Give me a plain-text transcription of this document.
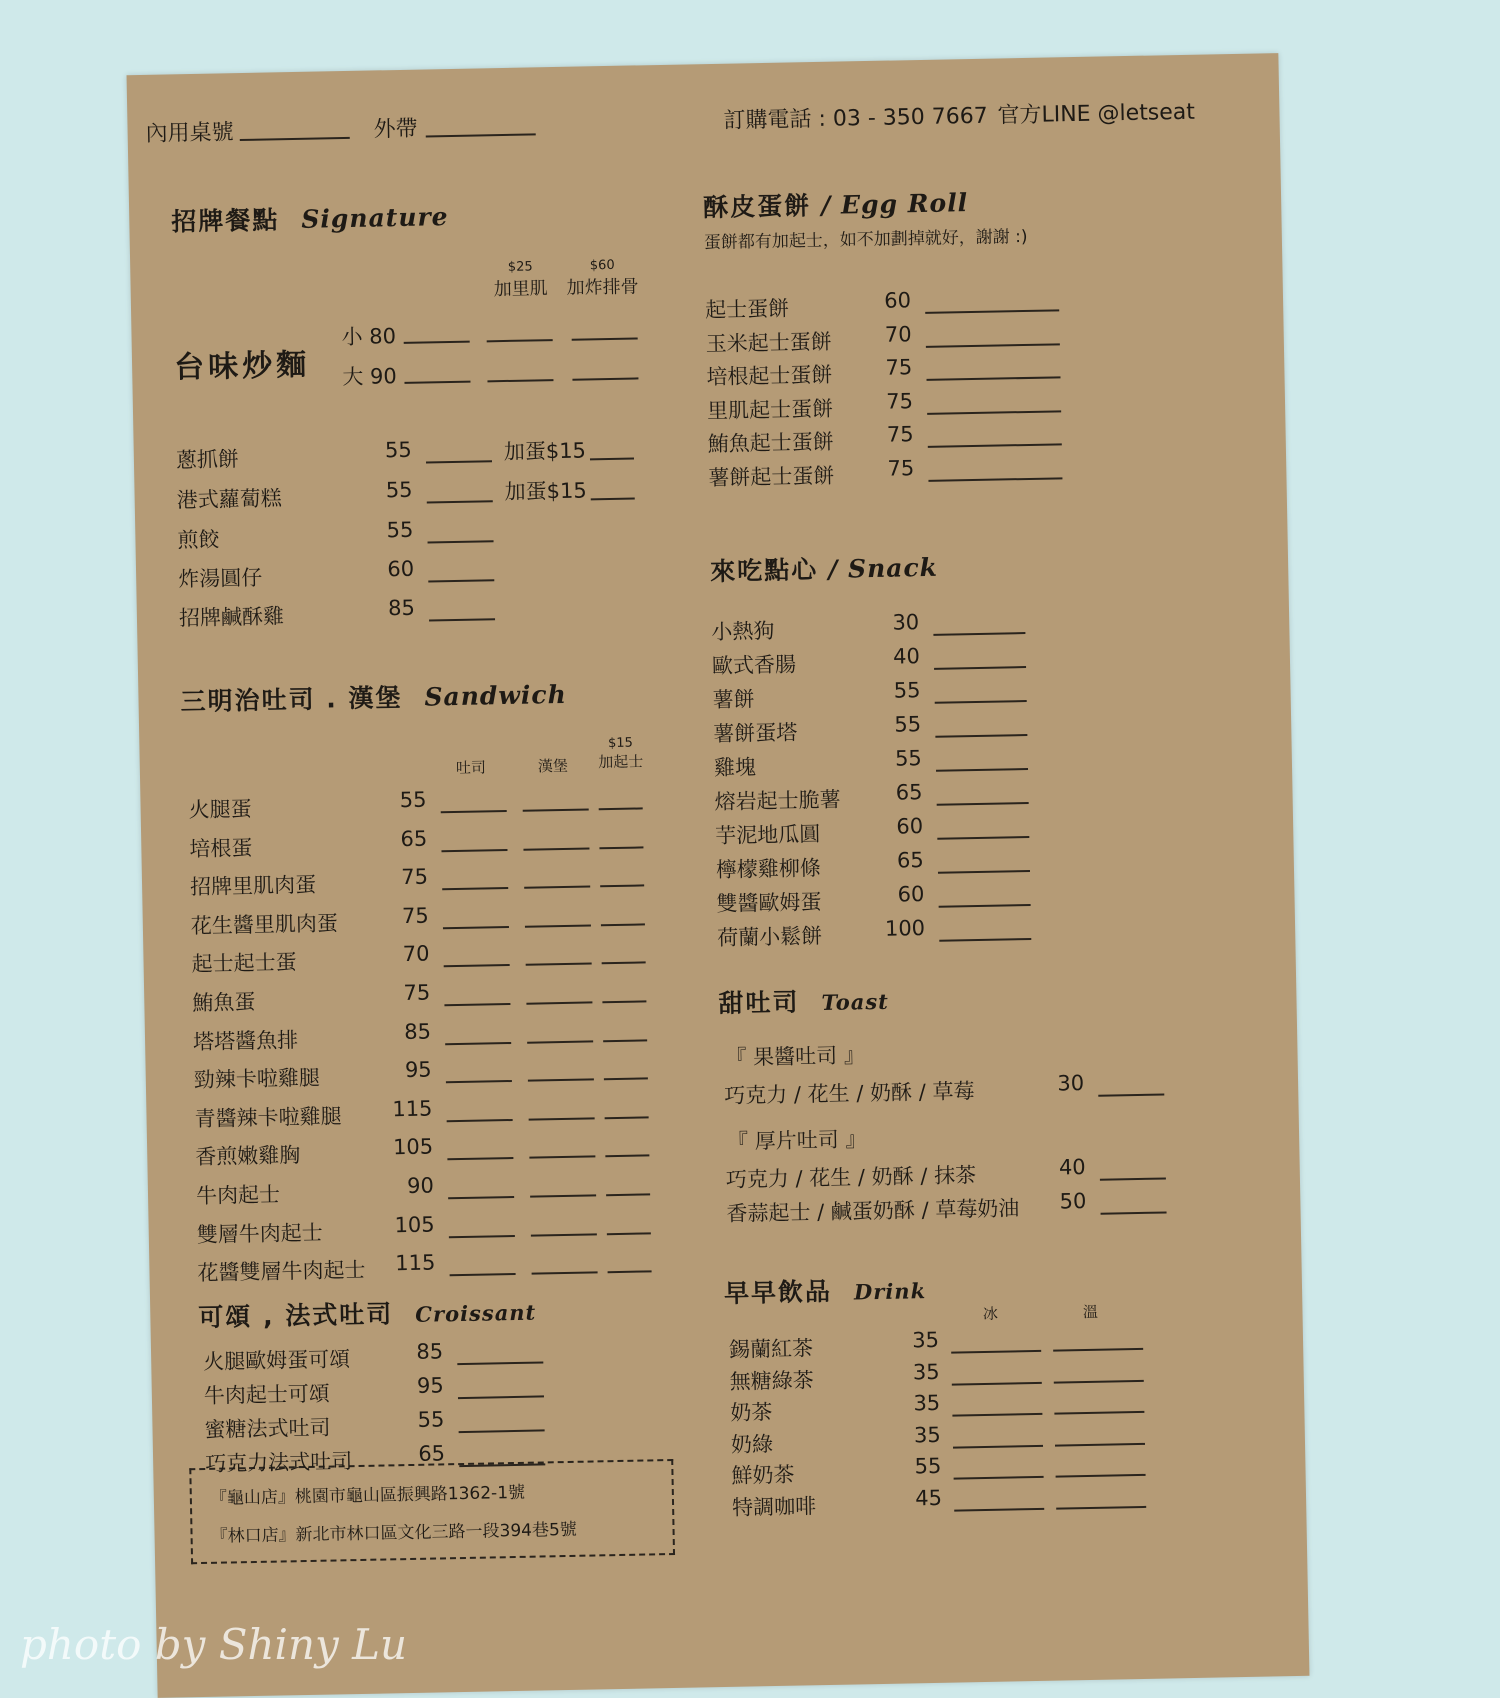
內用桌號	外帶	訂購電話 : 03 - 350 7667 官方LINE @letseat
招牌餐點 Signature
$25
加里肌
$60
加炸排骨
台味炒麵
小 80
大 90
蔥抓餅	55	加蛋$15
港式蘿蔔糕	55	加蛋$15
煎餃	55
炸湯圓仔	60
招牌鹹酥雞	85
三明治吐司 . 漢堡 Sandwich
吐司	漢堡
$15
加起士
可頌 , 法式吐司 Croissant
『龜山店』桃園市龜山區振興路1362-1號
『林口店』新北市林口區文化三路一段394巷5號
酥皮蛋餅 / Egg Roll
蛋餅都有加起士，如不加劃掉就好，謝謝 :)
來吃點心 / Snack
甜吐司 Toast
『 果醬吐司 』
巧克力 / 花生 / 奶酥 / 草莓	30
『 厚片吐司 』
巧克力 / 花生 / 奶酥 / 抹茶	40
香蒜起士 / 鹹蛋奶酥 / 草莓奶油	50
早早飲品 Drink
冰	溫
火腿蛋	55
培根蛋	65
招牌里肌肉蛋	75
花生醬里肌肉蛋	75
起士起士蛋	70
鮪魚蛋	75
塔塔醬魚排	85
勁辣卡啦雞腿	95
青醬辣卡啦雞腿	115
香煎嫩雞胸	105
牛肉起士	90
雙層牛肉起士	105
花醬雙層牛肉起士	115
火腿歐姆蛋可頌	85
牛肉起士可頌	95
蜜糖法式吐司	55
巧克力法式吐司	65
起士蛋餅	60
玉米起士蛋餅	70
培根起士蛋餅	75
里肌起士蛋餅	75
鮪魚起士蛋餅	75
薯餅起士蛋餅	75
小熱狗	30
歐式香腸	40
薯餅	55
薯餅蛋塔	55
雞塊	55
熔岩起士脆薯	65
芋泥地瓜圓	60
檸檬雞柳條	65
雙醬歐姆蛋	60
荷蘭小鬆餅	100
錫蘭紅茶	35
無糖綠茶	35
奶茶	35
奶綠	35
鮮奶茶	55
特調咖啡	45
photo by Shiny Lu
